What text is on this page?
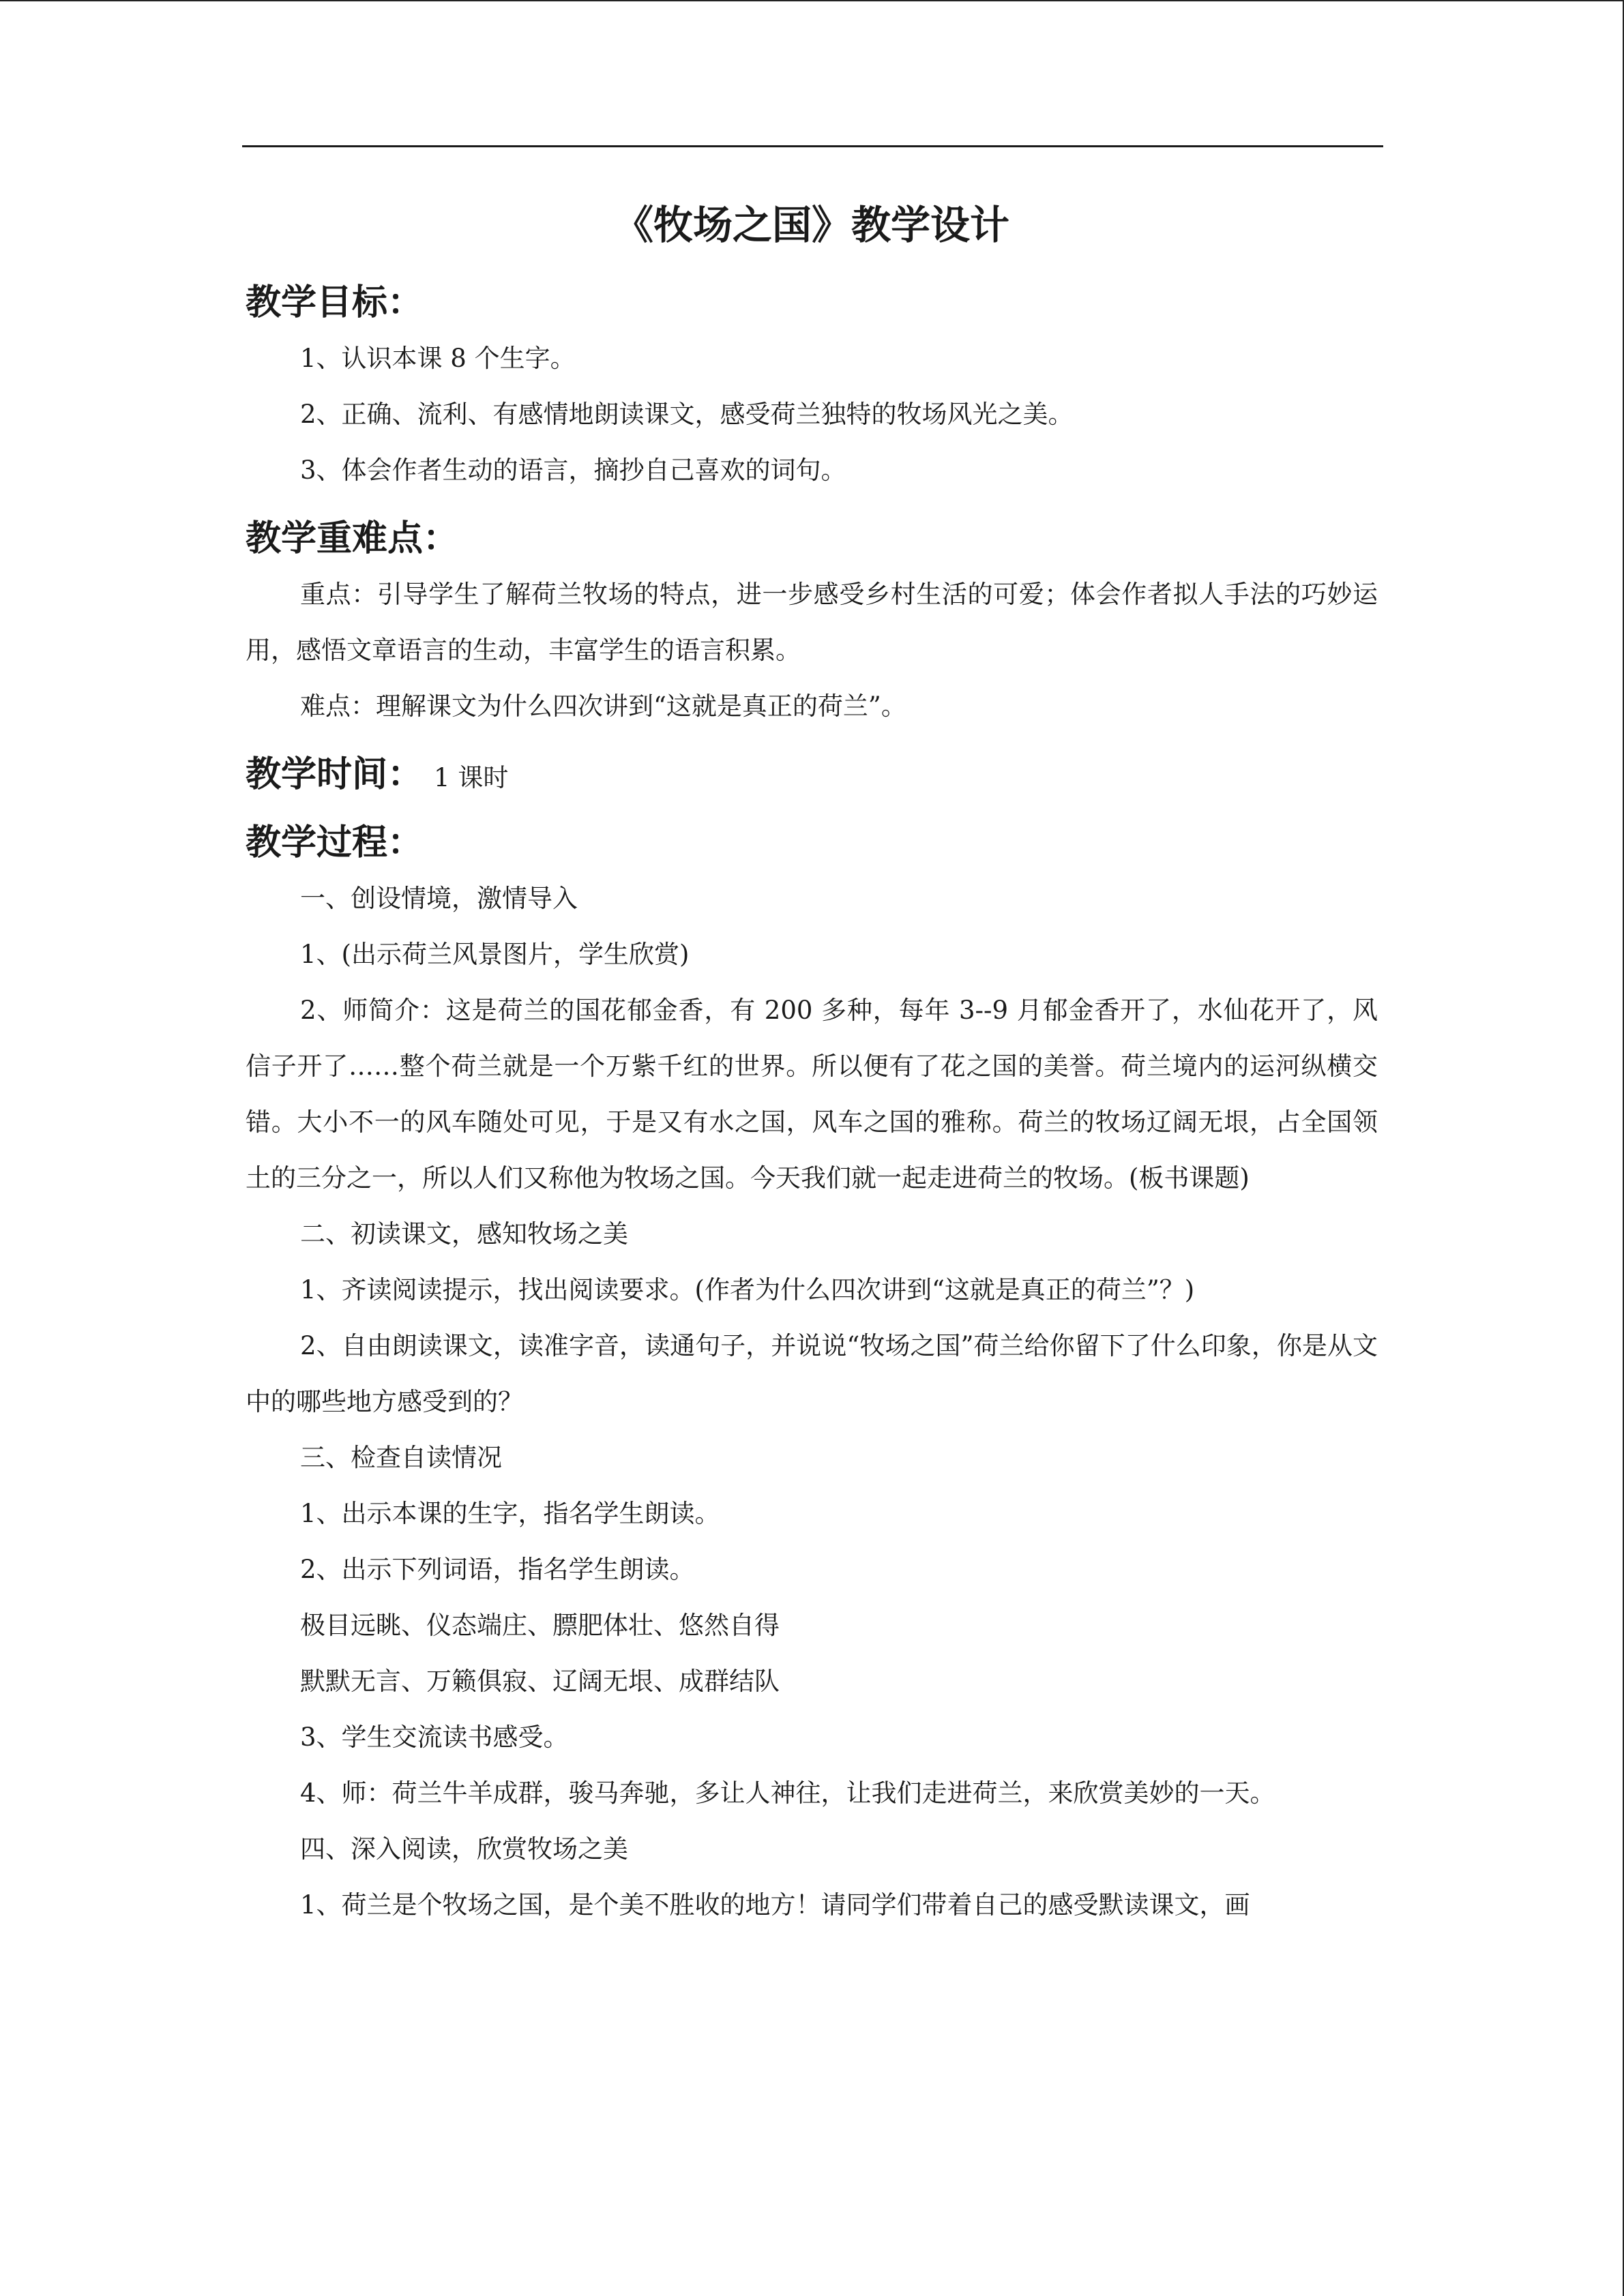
《牧场之国》教学设计
教学目标：

1、认识本课 8 个生字。

2、正确、流利、有感情地朗读课文，感受荷兰独特的牧场风光之美。

3、体会作者生动的语言，摘抄自己喜欢的词句。

教学重难点：

重点：引导学生了解荷兰牧场的特点，进一步感受乡村生活的可爱；体会作者拟人手法的巧妙运用，感悟文章语言的生动，丰富学生的语言积累。

难点：理解课文为什么四次讲到“这就是真正的荷兰”。

教学时间： 1 课时
教学过程：

一、创设情境，激情导入

1、(出示荷兰风景图片，学生欣赏)

2、师简介：这是荷兰的国花郁金香，有 200 多种，每年 3--9 月郁金香开了，水仙花开了，风信子开了……整个荷兰就是一个万紫千红的世界。所以便有了花之国的美誉。荷兰境内的运河纵横交错。大小不一的风车随处可见，于是又有水之国，风车之国的雅称。荷兰的牧场辽阔无垠，占全国领土的三分之一，所以人们又称他为牧场之国。今天我们就一起走进荷兰的牧场。(板书课题)

二、初读课文，感知牧场之美

1、齐读阅读提示，找出阅读要求。(作者为什么四次讲到“这就是真正的荷兰”？)

2、自由朗读课文，读准字音，读通句子，并说说“牧场之国”荷兰给你留下了什么印象，你是从文中的哪些地方感受到的？

三、检查自读情况

1、出示本课的生字，指名学生朗读。

2、出示下列词语，指名学生朗读。

极目远眺、仪态端庄、膘肥体壮、悠然自得

默默无言、万籁俱寂、辽阔无垠、成群结队

3、学生交流读书感受。

4、师：荷兰牛羊成群，骏马奔驰，多让人神往，让我们走进荷兰，来欣赏美妙的一天。

四、深入阅读，欣赏牧场之美

1、荷兰是个牧场之国，是个美不胜收的地方！请同学们带着自己的感受默读课文，画
